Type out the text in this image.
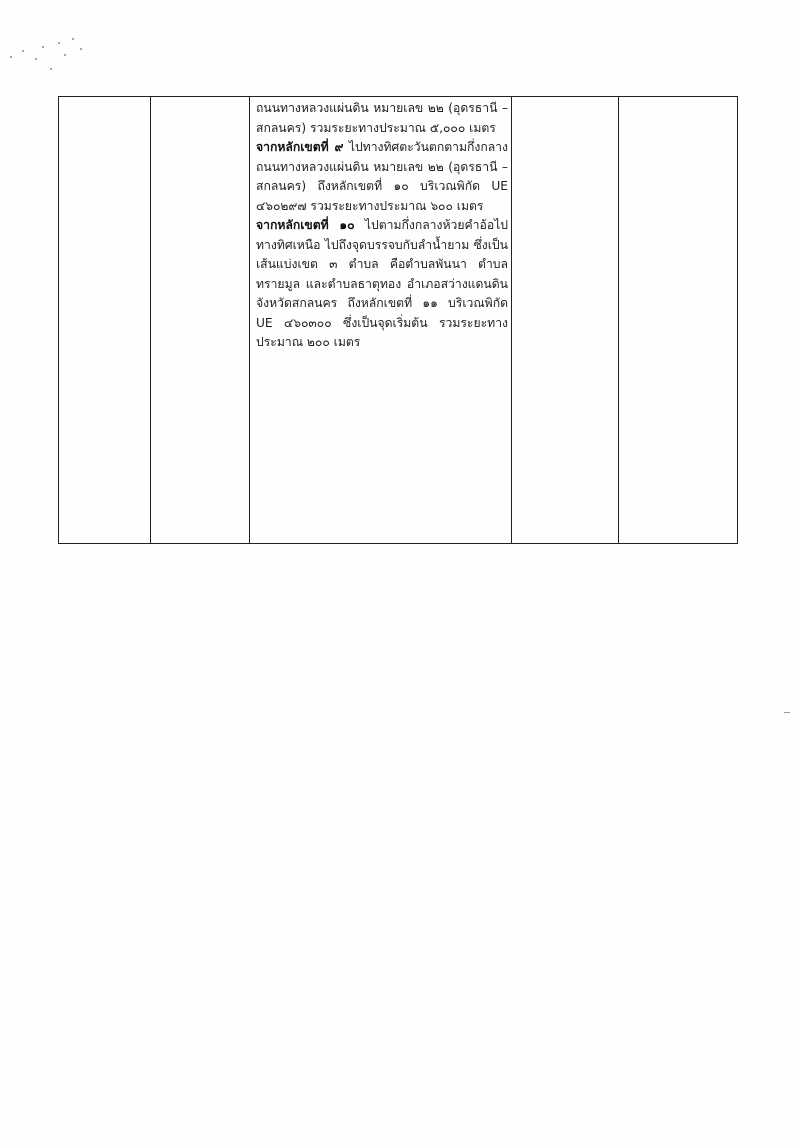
ถนนทางหลวงแผ่นดิน หมายเลข ๒๒ (อุดรธานี – สกลนคร) รวมระยะทางประมาณ ๕,๐๐๐ เมตร

จากหลักเขตที่ ๙ ไปทางทิศตะวันตกตามกึ่งกลางถนนทางหลวงแผ่นดิน หมายเลข ๒๒ (อุดรธานี – สกลนคร) ถึงหลักเขตที่ ๑๐ บริเวณพิกัด UE ๔๖๐๒๙๗ รวมระยะทางประมาณ ๖๐๐ เมตร

จากหลักเขตที่ ๑๐ ไปตามกึ่งกลางห้วยคำอ้อไปทางทิศเหนือ ไปถึงจุดบรรจบกับลำน้ำยาม ซึ่งเป็นเส้นแบ่งเขต ๓ ตำบล คือตำบลพันนา ตำบลทรายมูล และตำบลธาตุทอง อำเภอสว่างแดนดิน จังหวัดสกลนคร ถึงหลักเขตที่ ๑๑ บริเวณพิกัด UE ๔๖๐๓๐๐ ซึ่งเป็นจุดเริ่มต้น รวมระยะทางประมาณ ๒๐๐ เมตร
